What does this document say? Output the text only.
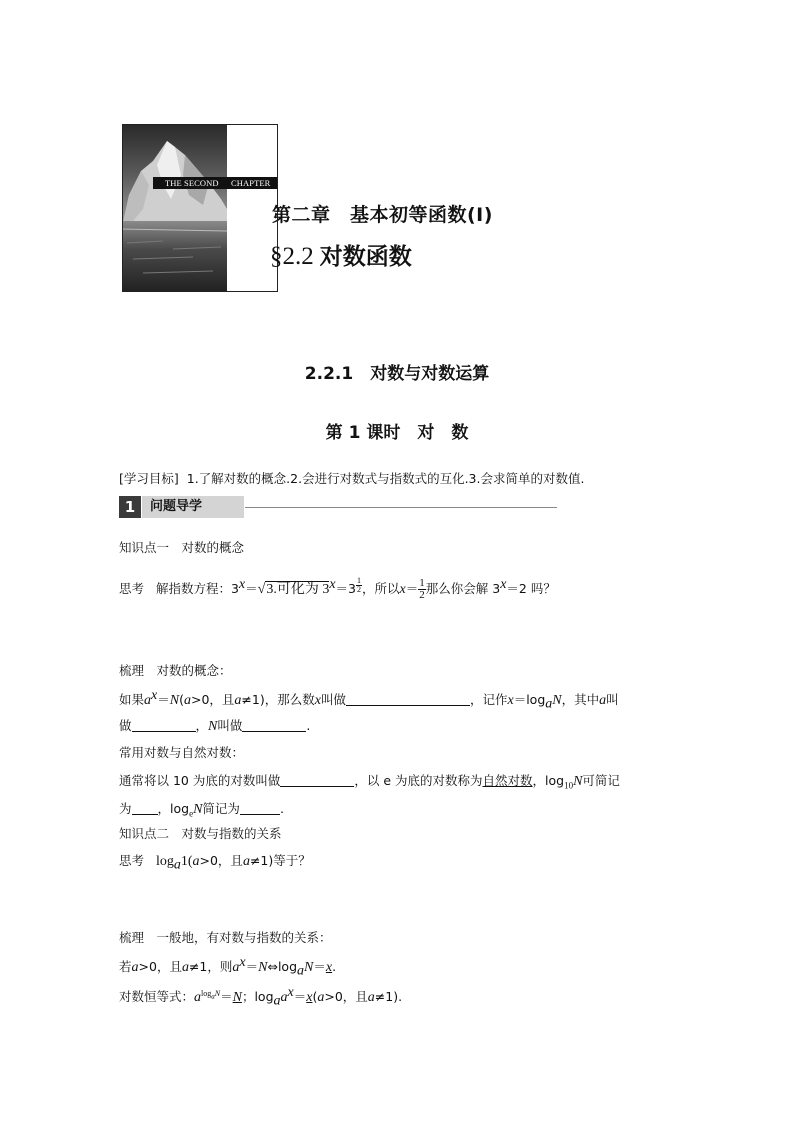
THE SECOND CHAPTER
第二章　基本初等函数(Ⅰ)
§2.2 对数函数
2.2.1　对数与对数运算
第 1 课时　对　数
[学习目标] 1.了解对数的概念.2.会进行对数式与指数式的互化.3.会求简单的对数值.
1	问题导学
知识点一　对数的概念
思考 解指数方程：$3^x=√3$.可化为 $3^x=3$ $^{\frac{1}{2}}$ ，所以$x= \frac{1}{2}$ 那么你会解 $3^x=2$ 吗？
梳理　对数的概念：
如果$a^x=N(a>0$，且a≠1)，那么数x叫做	，记作$x=\log_aN$，其中a叫
做	，N叫做	.
常用对数与自然对数：
通常将以 10 为底的对数叫做	，以 e 为底的对数称为自然对数，$\log_{10}N$可简记
为 ，$\log_eN$简记为	.
知识点二　对数与指数的关系
思考 $\log_a1(a>0$，且a≠1)等于？
梳理　一般地，有对数与指数的关系：
若a>0，且a≠1，则$a^x=N\Leftrightarrow\log_aN=x$.
对数恒等式：$a^{log_aN}=N$；$\log_aa^x=x(a>0$，且a≠1).
